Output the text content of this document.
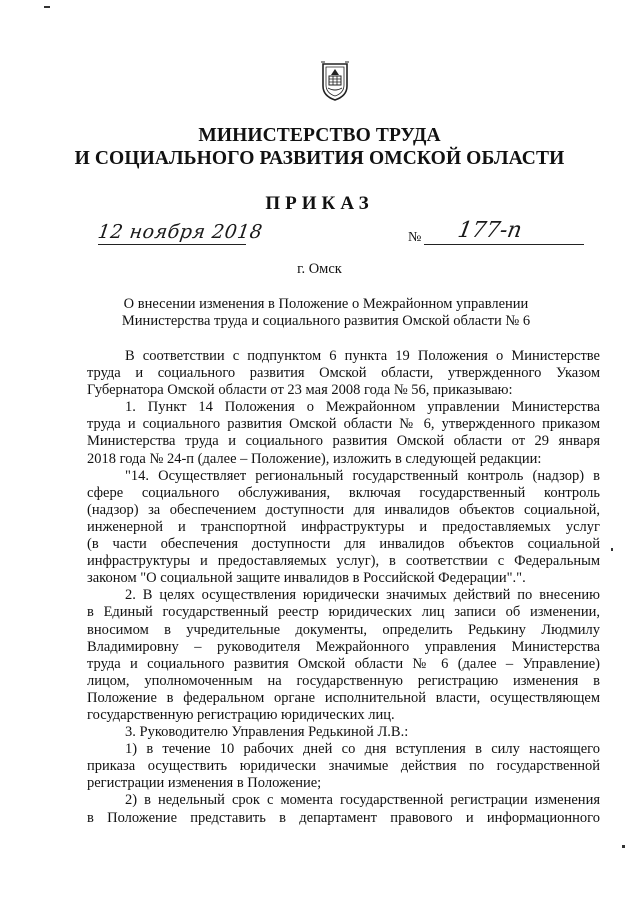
МИНИСТЕРСТВО ТРУДА
И СОЦИАЛЬНОГО РАЗВИТИЯ ОМСКОЙ ОБЛАСТИ
ПРИКАЗ
12 ноября 2018	№ 177-п
г. Омск
О внесении изменения в Положение о Межрайонном управлении
Министерства труда и социального развития Омской области № 6
В соответствии с подпунктом 6 пункта 19 Положения о Министерстве
труда и социального развития Омской области, утвержденного Указом
Губернатора Омской области от 23 мая 2008 года № 56, приказываю:
1. Пункт 14 Положения о Межрайонном управлении Министерства
труда и социального развития Омской области № 6, утвержденного приказом
Министерства труда и социального развития Омской области от 29 января
2018 года № 24-п (далее – Положение), изложить в следующей редакции:
"14. Осуществляет региональный государственный контроль (надзор) в
сфере социального обслуживания, включая государственный контроль
(надзор) за обеспечением доступности для инвалидов объектов социальной,
инженерной и транспортной инфраструктуры и предоставляемых услуг
(в части обеспечения доступности для инвалидов объектов социальной
инфраструктуры и предоставляемых услуг), в соответствии с Федеральным
законом "О социальной защите инвалидов в Российской Федерации".".
2. В целях осуществления юридически значимых действий по внесению
в Единый государственный реестр юридических лиц записи об изменении,
вносимом в учредительные документы, определить Редькину Людмилу
Владимировну – руководителя Межрайонного управления Министерства
труда и социального развития Омской области № 6 (далее – Управление)
лицом, уполномоченным на государственную регистрацию изменения в
Положение в федеральном органе исполнительной власти, осуществляющем
государственную регистрацию юридических лиц.
3. Руководителю Управления Редькиной Л.В.:
1) в течение 10 рабочих дней со дня вступления в силу настоящего
приказа осуществить юридически значимые действия по государственной
регистрации изменения в Положение;
2) в недельный срок с момента государственной регистрации изменения
в Положение представить в департамент правового и информационного
